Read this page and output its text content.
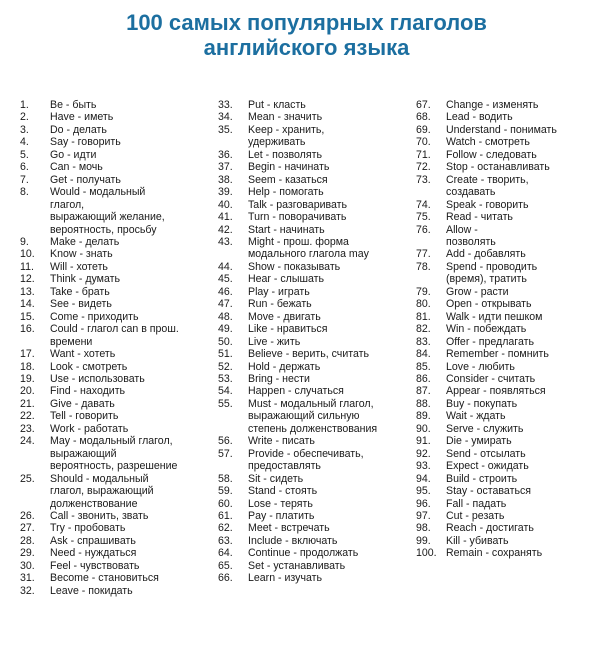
100 самых популярных глаголов
английского языка
1.	Be - быть
2.	Have - иметь
3.	Do - делать
4.	Say - говорить
5.	Go - идти
6.	Can - мочь
7.	Get - получать
8.	Would - модальный
глагол,
выражающий желание,
вероятность, просьбу
9.	Make - делать
10.	Know - знать
11.	Will - хотеть
12.	Think - думать
13.	Take - брать
14.	See - видеть
15.	Come - приходить
16.	Could - глагол can в прош.
времени
17.	Want - хотеть
18.	Look - смотреть
19.	Use - использовать
20.	Find - находить
21.	Give - давать
22.	Tell - говорить
23.	Work - работать
24.	May - модальный глагол,
выражающий
вероятность, разрешение
25.	Should - модальный
глагол, выражающий
долженствование
26.	Call - звонить, звать
27.	Try - пробовать
28.	Ask - спрашивать
29.	Need - нуждаться
30.	Feel - чувствовать
31.	Become - становиться
32.	Leave - покидать
33.	Put - класть
34.	Mean - значить
35.	Keep - хранить,
удерживать
36.	Let - позволять
37.	Begin - начинать
38.	Seem - казаться
39.	Help - помогать
40.	Talk - разговаривать
41.	Turn - поворачивать
42.	Start - начинать
43.	Might - прош. форма
модального глагола may
44.	Show - показывать
45.	Hear - слышать
46.	Play - играть
47.	Run - бежать
48.	Move - двигать
49.	Like - нравиться
50.	Live - жить
51.	Believe - верить, считать
52.	Hold - держать
53.	Bring - нести
54.	Happen - случаться
55.	Must - модальный глагол,
выражающий сильную
степень долженствования
56.	Write - писать
57.	Provide - обеспечивать,
предоставлять
58.	Sit - сидеть
59.	Stand - стоять
60.	Lose - терять
61.	Pay - платить
62.	Meet - встречать
63.	Include - включать
64.	Continue - продолжать
65.	Set - устанавливать
66.	Learn - изучать
67.	Change - изменять
68.	Lead - водить
69.	Understand - понимать
70.	Watch - смотреть
71.	Follow - следовать
72.	Stop - останавливать
73.	Create - творить,
создавать
74.	Speak - говорить
75.	Read - читать
76.	Allow -
позволять
77.	Add - добавлять
78.	Spend - проводить
(время), тратить
79.	Grow - расти
80.	Open - открывать
81.	Walk - идти пешком
82.	Win - побеждать
83.	Offer - предлагать
84.	Remember - помнить
85.	Love - любить
86.	Consider - считать
87.	Appear - появляться
88.	Buy - покупать
89.	Wait - ждать
90.	Serve - служить
91.	Die - умирать
92.	Send - отсылать
93.	Expect - ожидать
94.	Build - строить
95.	Stay - оставаться
96.	Fall - падать
97.	Cut - резать
98.	Reach - достигать
99.	Kill - убивать
100. Remain - сохранять
